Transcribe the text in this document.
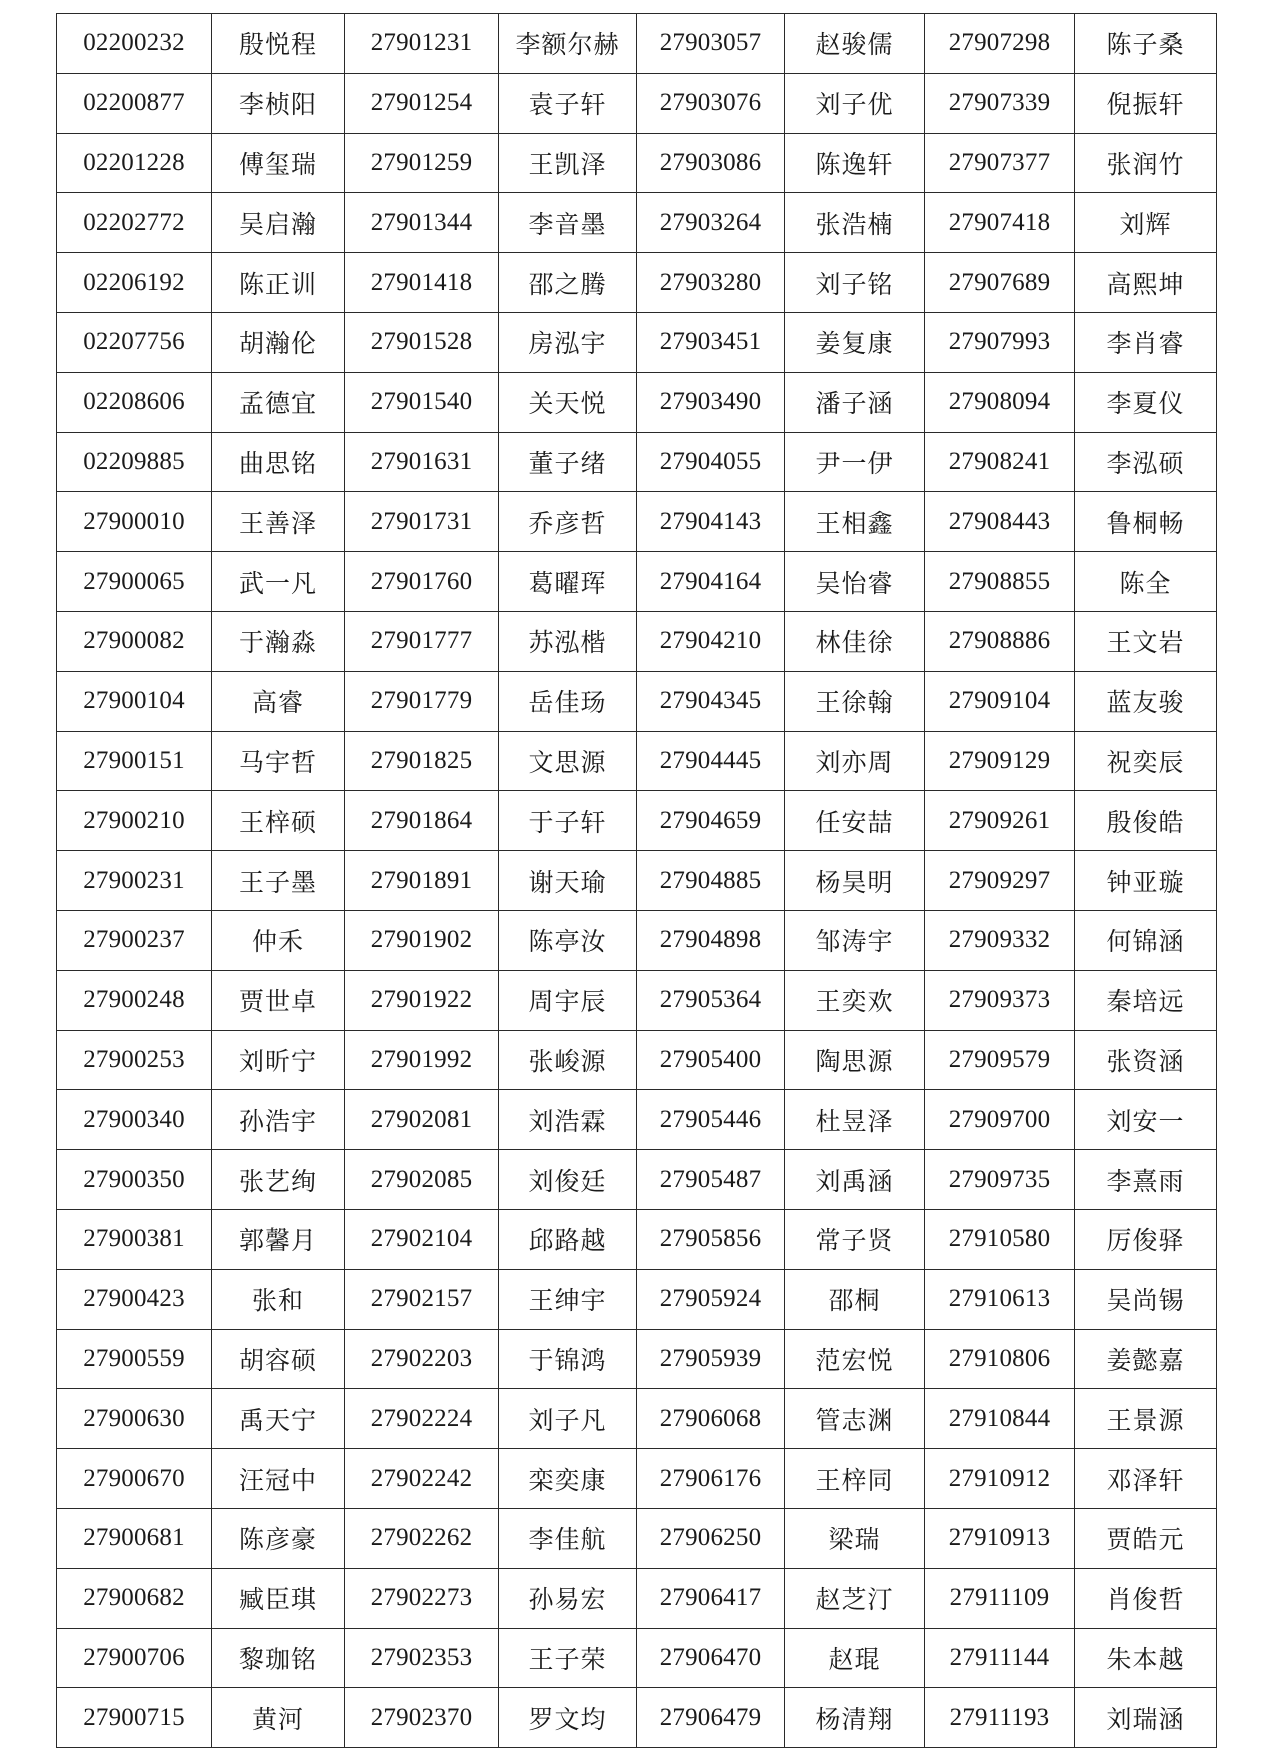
02200232	殷悦程	27901231	李额尔赫	27903057	赵骏儒	27907298	陈子桑
02200877	李桢阳	27901254	袁子轩	27903076	刘子优	27907339	倪振轩
02201228	傅玺瑞	27901259	王凯泽	27903086	陈逸轩	27907377	张润竹
02202772	吴启瀚	27901344	李音墨	27903264	张浩楠	27907418	刘辉
02206192	陈正训	27901418	邵之腾	27903280	刘子铭	27907689	高熙坤
02207756	胡瀚伦	27901528	房泓宇	27903451	姜复康	27907993	李肖睿
02208606	孟德宜	27901540	关天悦	27903490	潘子涵	27908094	李夏仪
02209885	曲思铭	27901631	董子绪	27904055	尹一伊	27908241	李泓硕
27900010	王善泽	27901731	乔彦哲	27904143	王相鑫	27908443	鲁桐畅
27900065	武一凡	27901760	葛曜珲	27904164	吴怡睿	27908855	陈全
27900082	于瀚淼	27901777	苏泓楷	27904210	林佳徐	27908886	王文岩
27900104	高睿	27901779	岳佳玚	27904345	王徐翰	27909104	蓝友骏
27900151	马宇哲	27901825	文思源	27904445	刘亦周	27909129	祝奕辰
27900210	王梓硕	27901864	于子轩	27904659	任安喆	27909261	殷俊皓
27900231	王子墨	27901891	谢天瑜	27904885	杨昊明	27909297	钟亚璇
27900237	仲禾	27901902	陈亭汝	27904898	邹涛宇	27909332	何锦涵
27900248	贾世卓	27901922	周宇辰	27905364	王奕欢	27909373	秦培远
27900253	刘昕宁	27901992	张峻源	27905400	陶思源	27909579	张资涵
27900340	孙浩宇	27902081	刘浩霖	27905446	杜昱泽	27909700	刘安一
27900350	张艺绚	27902085	刘俊廷	27905487	刘禹涵	27909735	李熹雨
27900381	郭馨月	27902104	邱路越	27905856	常子贤	27910580	厉俊驿
27900423	张和	27902157	王绅宇	27905924	邵桐	27910613	吴尚锡
27900559	胡容硕	27902203	于锦鸿	27905939	范宏悦	27910806	姜懿嘉
27900630	禹天宁	27902224	刘子凡	27906068	管志渊	27910844	王景源
27900670	汪冠中	27902242	栾奕康	27906176	王梓同	27910912	邓泽轩
27900681	陈彦豪	27902262	李佳航	27906250	梁瑞	27910913	贾皓元
27900682	臧臣琪	27902273	孙易宏	27906417	赵芝汀	27911109	肖俊哲
27900706	黎珈铭	27902353	王子荣	27906470	赵琨	27911144	朱本越
27900715	黄河	27902370	罗文均	27906479	杨清翔	27911193	刘瑞涵
